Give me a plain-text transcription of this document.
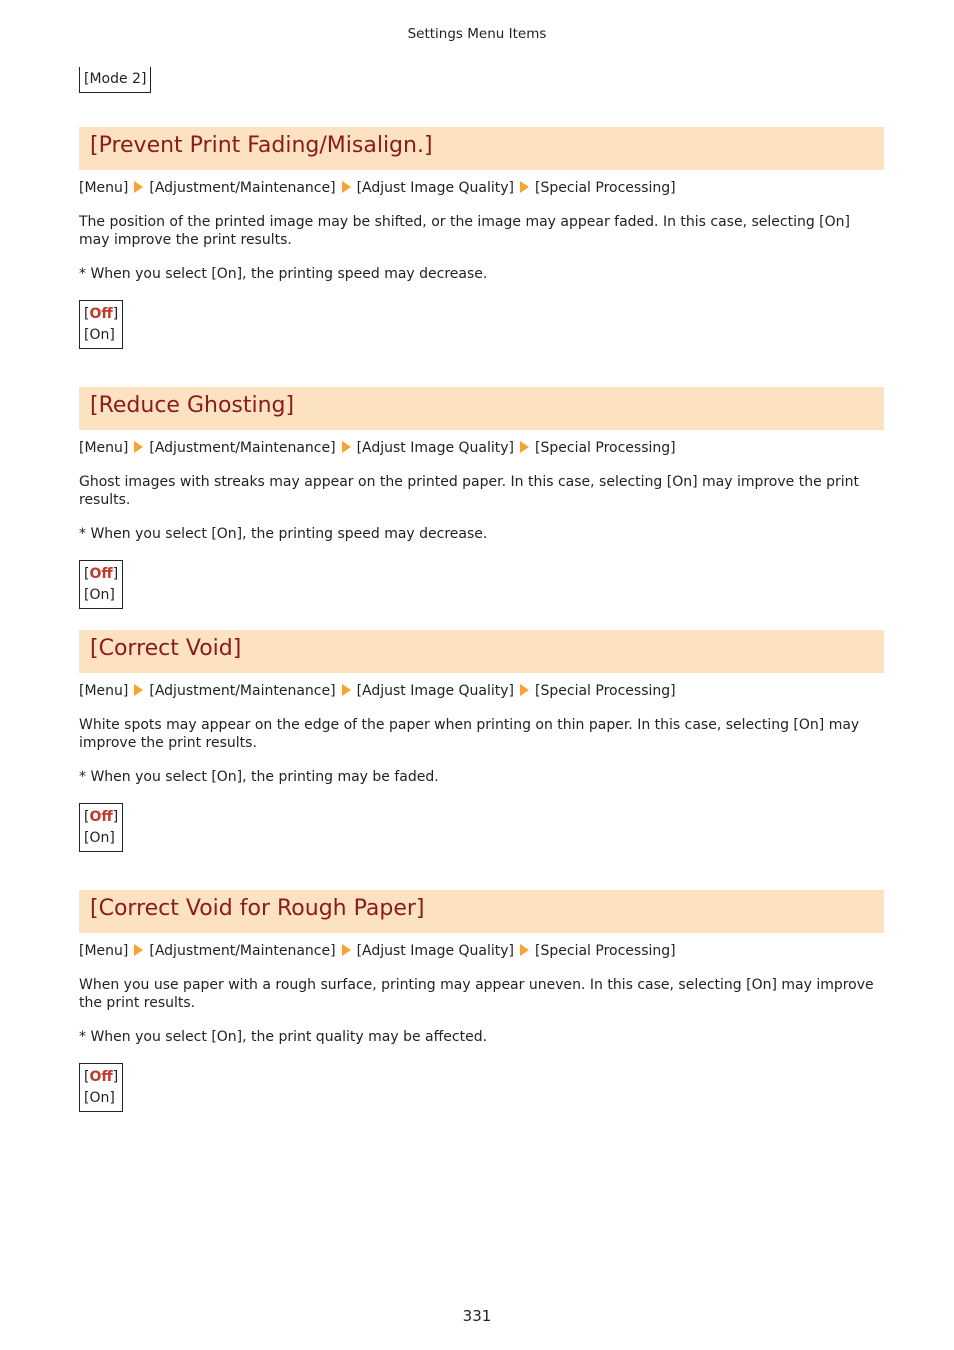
Settings Menu Items
[Mode 2]
[Prevent Print Fading/Misalign.]
[Menu] [Adjustment/Maintenance] [Adjust Image Quality] [Special Processing]
The position of the printed image may be shifted, or the image may appear faded. In this case, selecting [On] may improve the print results.
* When you select [On], the printing speed may decrease.
[Off]
[On]
[Reduce Ghosting]
[Menu] [Adjustment/Maintenance] [Adjust Image Quality] [Special Processing]
Ghost images with streaks may appear on the printed paper. In this case, selecting [On] may improve the print results.
* When you select [On], the printing speed may decrease.
[Off]
[On]
[Correct Void]
[Menu] [Adjustment/Maintenance] [Adjust Image Quality] [Special Processing]
White spots may appear on the edge of the paper when printing on thin paper. In this case, selecting [On] may improve the print results.
* When you select [On], the printing may be faded.
[Off]
[On]
[Correct Void for Rough Paper]
[Menu] [Adjustment/Maintenance] [Adjust Image Quality] [Special Processing]
When you use paper with a rough surface, printing may appear uneven. In this case, selecting [On] may improve the print results.
* When you select [On], the print quality may be affected.
[Off]
[On]
331
